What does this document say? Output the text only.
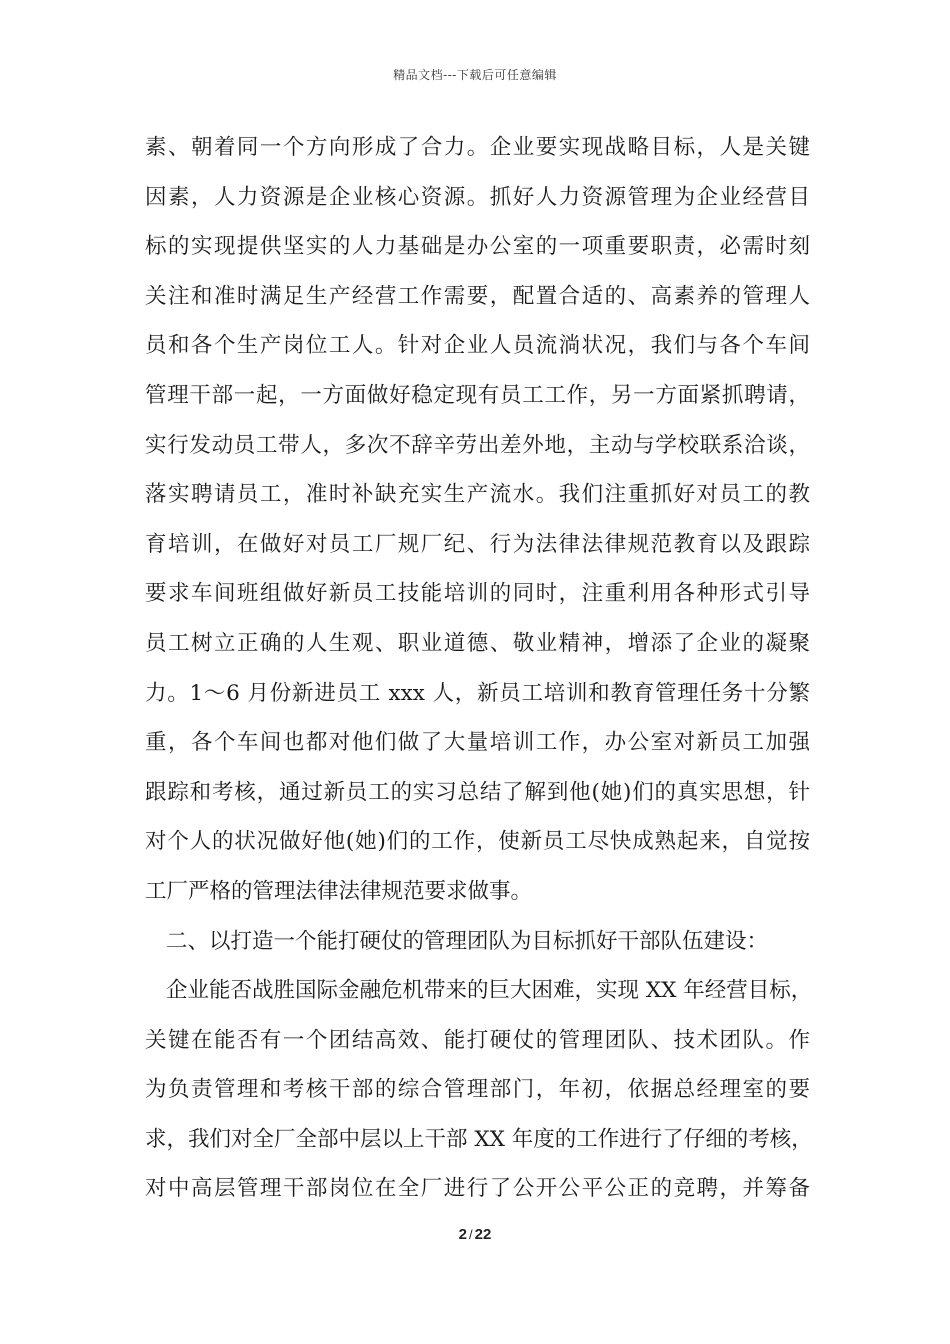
精品文档---下载后可任意编辑
素、朝着同一个方向形成了合力。企业要实现战略目标，人是关键
因素，人力资源是企业核心资源。抓好人力资源管理为企业经营目
标的实现提供坚实的人力基础是办公室的一项重要职责，必需时刻
关注和准时满足生产经营工作需要，配置合适的、高素养的管理人
员和各个生产岗位工人。针对企业人员流淌状况，我们与各个车间
管理干部一起，一方面做好稳定现有员工工作，另一方面紧抓聘请，
实行发动员工带人，多次不辞辛劳出差外地，主动与学校联系洽谈，
落实聘请员工，准时补缺充实生产流水。我们注重抓好对员工的教
育培训，在做好对员工厂规厂纪、行为法律法律规范教育以及跟踪
要求车间班组做好新员工技能培训的同时，注重利用各种形式引导
员工树立正确的人生观、职业道德、敬业精神，增添了企业的凝聚
力。1～6 月份新进员工 xxx 人，新员工培训和教育管理任务十分繁
重，各个车间也都对他们做了大量培训工作，办公室对新员工加强
跟踪和考核，通过新员工的实习总结了解到他(她)们的真实思想，针
对个人的状况做好他(她)们的工作，使新员工尽快成熟起来，自觉按
工厂严格的管理法律法律规范要求做事。
二、以打造一个能打硬仗的管理团队为目标抓好干部队伍建设：
企业能否战胜国际金融危机带来的巨大困难，实现 XX 年经营目标，
关键在能否有一个团结高效、能打硬仗的管理团队、技术团队。作
为负责管理和考核干部的综合管理部门，年初，依据总经理室的要
求，我们对全厂全部中层以上干部 XX 年度的工作进行了仔细的考核，
对中高层管理干部岗位在全厂进行了公开公平公正的竞聘，并筹备
2 / 22
